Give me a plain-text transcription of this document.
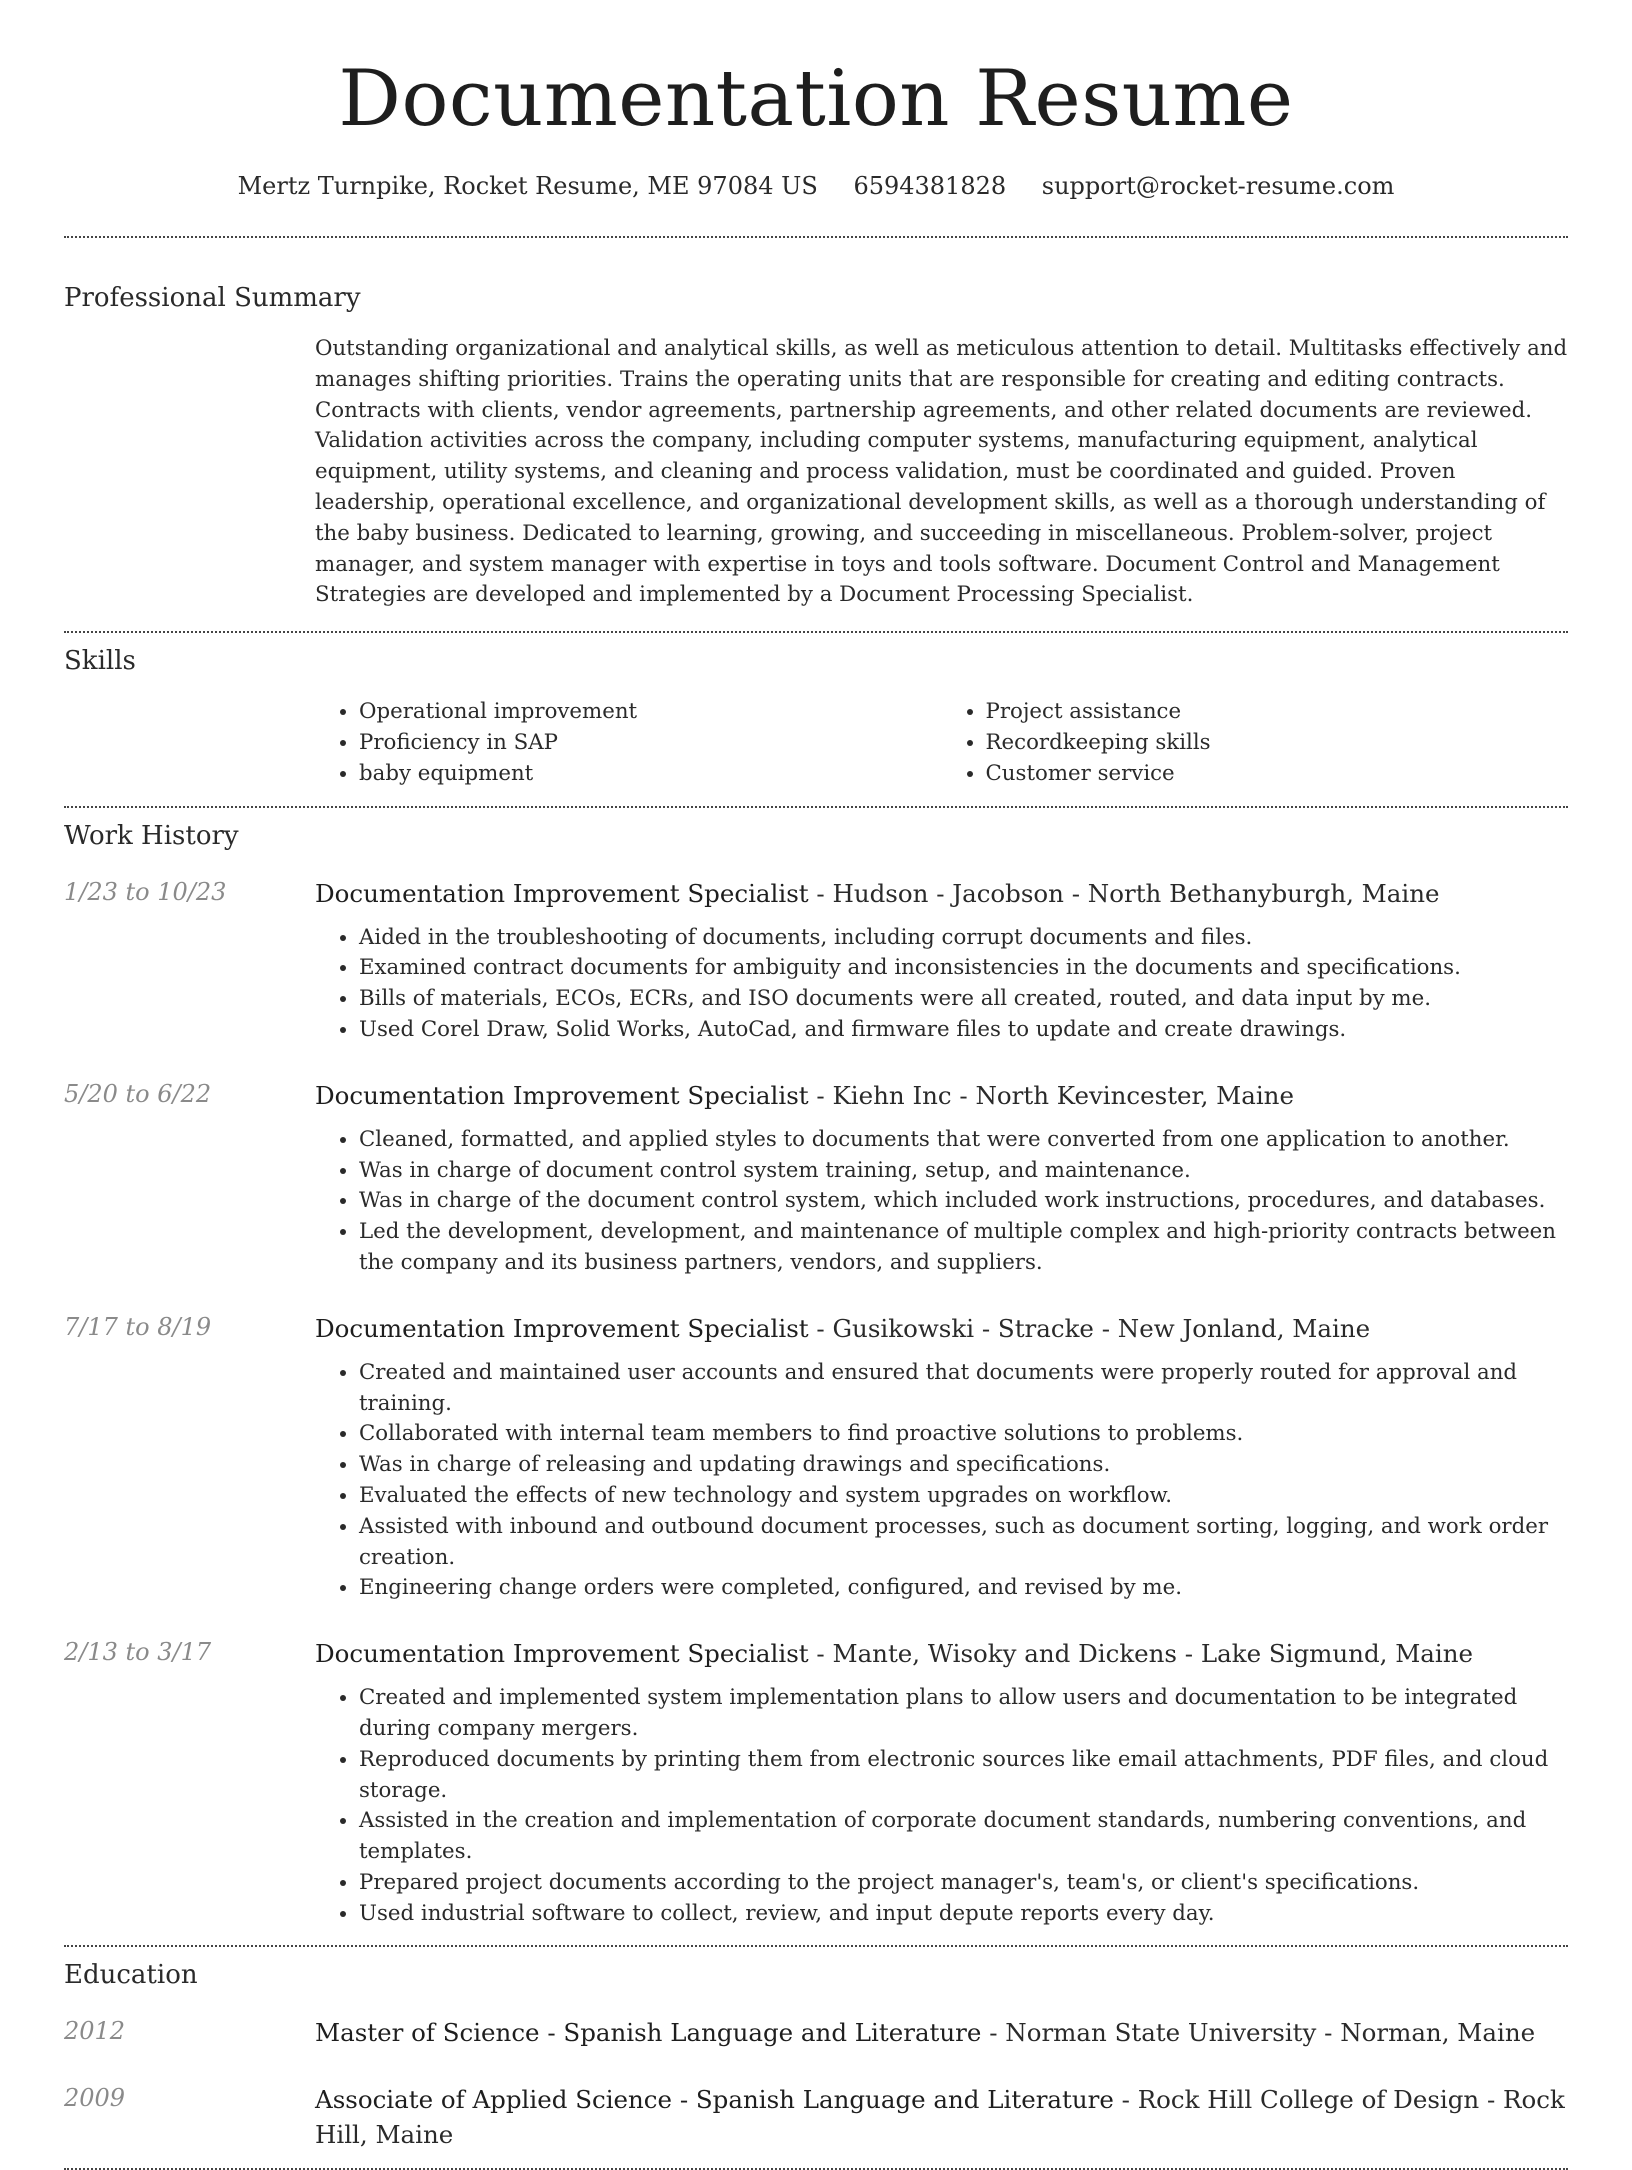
Documentation Resume
Mertz Turnpike, Rocket Resume, ME 97084 US 6594381828 support@rocket-resume.com
Professional Summary
Outstanding organizational and analytical skills, as well as meticulous attention to detail. Multitasks effectively and manages shifting priorities. Trains the operating units that are responsible for creating and editing contracts. Contracts with clients, vendor agreements, partnership agreements, and other related documents are reviewed. Validation activities across the company, including computer systems, manufacturing equipment, analytical equipment, utility systems, and cleaning and process validation, must be coordinated and guided. Proven leadership, operational excellence, and organizational development skills, as well as a thorough understanding of the baby business. Dedicated to learning, growing, and succeeding in miscellaneous. Problem-solver, project manager, and system manager with expertise in toys and tools software. Document Control and Management Strategies are developed and implemented by a Document Processing Specialist.
Skills
• Operational improvement
• Proficiency in SAP
• baby equipment
• Project assistance
• Recordkeeping skills
• Customer service
Work History
1/23 to 10/23	Documentation Improvement Specialist - Hudson - Jacobson - North Bethanyburgh, Maine
• Aided in the troubleshooting of documents, including corrupt documents and files.
• Examined contract documents for ambiguity and inconsistencies in the documents and specifications.
• Bills of materials, ECOs, ECRs, and ISO documents were all created, routed, and data input by me.
• Used Corel Draw, Solid Works, AutoCad, and firmware files to update and create drawings.
5/20 to 6/22	Documentation Improvement Specialist - Kiehn Inc - North Kevincester, Maine
• Cleaned, formatted, and applied styles to documents that were converted from one application to another.
• Was in charge of document control system training, setup, and maintenance.
• Was in charge of the document control system, which included work instructions, procedures, and databases.
• Led the development, development, and maintenance of multiple complex and high-priority contracts between the company and its business partners, vendors, and suppliers.
7/17 to 8/19	Documentation Improvement Specialist - Gusikowski - Stracke - New Jonland, Maine
• Created and maintained user accounts and ensured that documents were properly routed for approval and training.
• Collaborated with internal team members to find proactive solutions to problems.
• Was in charge of releasing and updating drawings and specifications.
• Evaluated the effects of new technology and system upgrades on workflow.
• Assisted with inbound and outbound document processes, such as document sorting, logging, and work order creation.
• Engineering change orders were completed, configured, and revised by me.
2/13 to 3/17	Documentation Improvement Specialist - Mante, Wisoky and Dickens - Lake Sigmund, Maine
• Created and implemented system implementation plans to allow users and documentation to be integrated during company mergers.
• Reproduced documents by printing them from electronic sources like email attachments, PDF files, and cloud storage.
• Assisted in the creation and implementation of corporate document standards, numbering conventions, and templates.
• Prepared project documents according to the project manager's, team's, or client's specifications.
• Used industrial software to collect, review, and input depute reports every day.
Education
2012	Master of Science - Spanish Language and Literature - Norman State University - Norman, Maine
2009	Associate of Applied Science - Spanish Language and Literature - Rock Hill College of Design - Rock Hill, Maine
